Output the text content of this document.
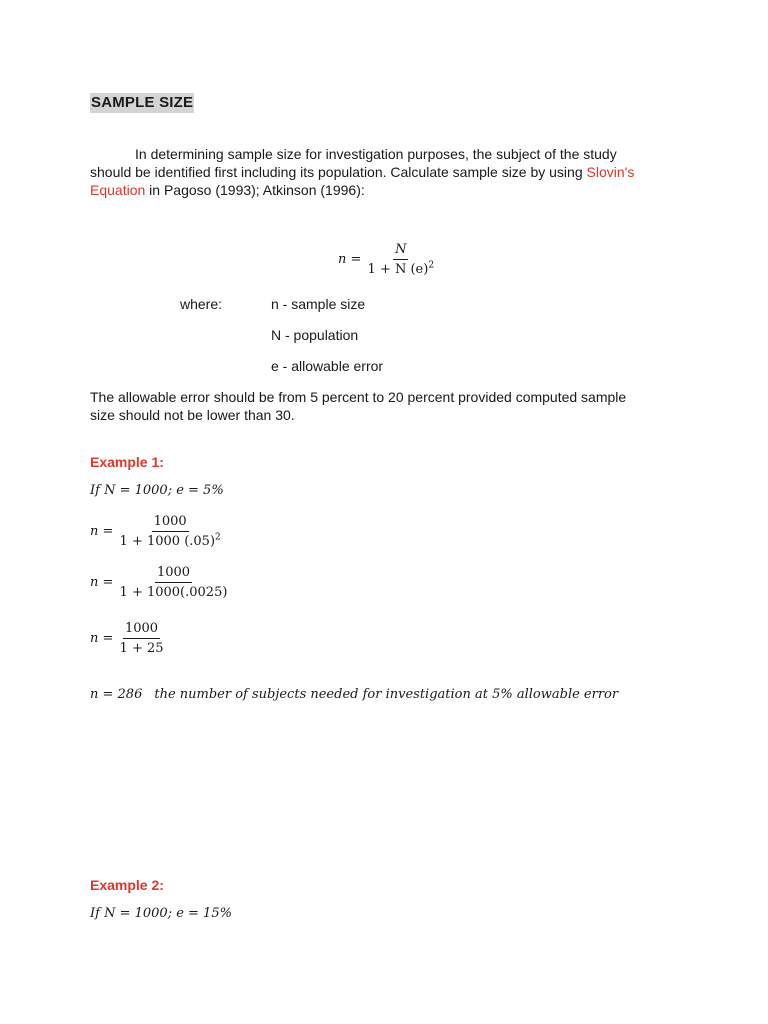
SAMPLE SIZE
In determining sample size for investigation purposes, the subject of the study
should be identified first including its population. Calculate sample size by using Slovin's
Equation in Pagoso (1993); Atkinson (1996):
$n = \frac{N}{1 + N (e)^2}$
where:	n - sample size
N - population
e - allowable error
The allowable error should be from 5 percent to 20 percent provided computed sample
size should not be lower than 30.
Example 1:
If N = 1000; e = 5%
$n = \frac{1000}{1 + 1000 (.05)^2}$
$n = \frac{1000}{1 + 1000(.0025)}$
$n = \frac{1000}{1 + 25}$
n = 286 the number of subjects needed for investigation at 5% allowable error
Example 2:
If N = 1000; e = 15%
